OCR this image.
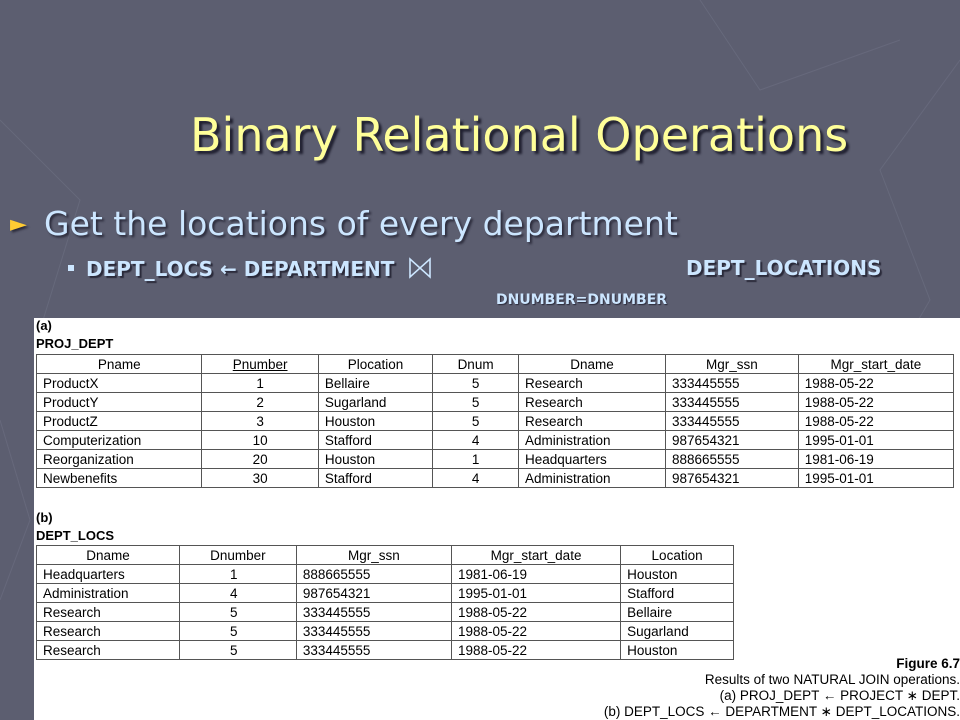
Binary Relational Operations
► Get the locations of every department
DEPT_LOCS ← DEPARTMENT	DEPT_LOCATIONS
DNUMBER=DNUMBER
(a)
PROJ_DEPT
Pname	Pnumber	Plocation	Dnum	Dname	Mgr_ssn	Mgr_start_date
ProductX	1	Bellaire	5	Research	333445555	1988-05-22
ProductY	2	Sugarland	5	Research	333445555	1988-05-22
ProductZ	3	Houston	5	Research	333445555	1988-05-22
Computerization	10	Stafford	4	Administration	987654321	1995-01-01
Reorganization	20	Houston	1	Headquarters	888665555	1981-06-19
Newbenefits	30	Stafford	4	Administration	987654321	1995-01-01
(b)
DEPT_LOCS
Dname	Dnumber	Mgr_ssn	Mgr_start_date	Location
Headquarters	1	888665555	1981-06-19	Houston
Administration	4	987654321	1995-01-01	Stafford
Research	5	333445555	1988-05-22	Bellaire
Research	5	333445555	1988-05-22	Sugarland
Research	5	333445555	1988-05-22	Houston
Figure 6.7
Results of two NATURAL JOIN operations.
(a) PROJ_DEPT ← PROJECT ∗ DEPT.
(b) DEPT_LOCS ← DEPARTMENT ∗ DEPT_LOCATIONS.
